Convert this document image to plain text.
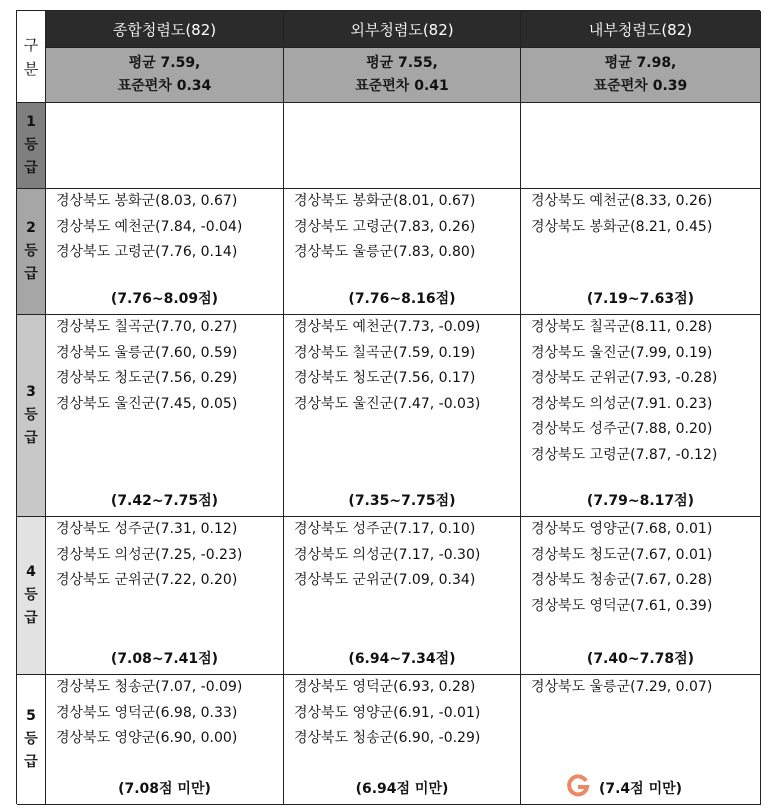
구
분
종합청렴도(82)	외부청렴도(82)	내부청렴도(82)
평균 7.59,
표준편차 0.34
평균 7.55,
표준편차 0.41
평균 7.98,
표준편차 0.39
1
등
급
2
등
급
경상북도 봉화군(8.03, 0.67)
경상북도 예천군(7.84, -0.04)
경상북도 고령군(7.76, 0.14)
(7.76~8.09점)
경상북도 봉화군(8.01, 0.67)
경상북도 고령군(7.83, 0.26)
경상북도 울릉군(7.83, 0.80)
(7.76~8.16점)
경상북도 예천군(8.33, 0.26)
경상북도 봉화군(8.21, 0.45)
(7.19~7.63점)
3
등
급
경상북도 칠곡군(7.70, 0.27)
경상북도 울릉군(7.60, 0.59)
경상북도 청도군(7.56, 0.29)
경상북도 울진군(7.45, 0.05)
(7.42~7.75점)
경상북도 예천군(7.73, -0.09)
경상북도 칠곡군(7.59, 0.19)
경상북도 청도군(7.56, 0.17)
경상북도 울진군(7.47, -0.03)
(7.35~7.75점)
경상북도 칠곡군(8.11, 0.28)
경상북도 울진군(7.99, 0.19)
경상북도 군위군(7.93, -0.28)
경상북도 의성군(7.91. 0.23)
경상북도 성주군(7.88, 0.20)
경상북도 고령군(7.87, -0.12)
(7.79~8.17점)
4
등
급
경상북도 성주군(7.31, 0.12)
경상북도 의성군(7.25, -0.23)
경상북도 군위군(7.22, 0.20)
(7.08~7.41점)
경상북도 성주군(7.17, 0.10)
경상북도 의성군(7.17, -0.30)
경상북도 군위군(7.09, 0.34)
(6.94~7.34점)
경상북도 영양군(7.68, 0.01)
경상북도 청도군(7.67, 0.01)
경상북도 청송군(7.67, 0.28)
경상북도 영덕군(7.61, 0.39)
(7.40~7.78점)
5
등
급
경상북도 청송군(7.07, -0.09)
경상북도 영덕군(6.98, 0.33)
경상북도 영양군(6.90, 0.00)
(7.08점 미만)
경상북도 영덕군(6.93, 0.28)
경상북도 영양군(6.91, -0.01)
경상북도 청송군(6.90, -0.29)
(6.94점 미만)
경상북도 울릉군(7.29, 0.07)
(7.4점 미만)
